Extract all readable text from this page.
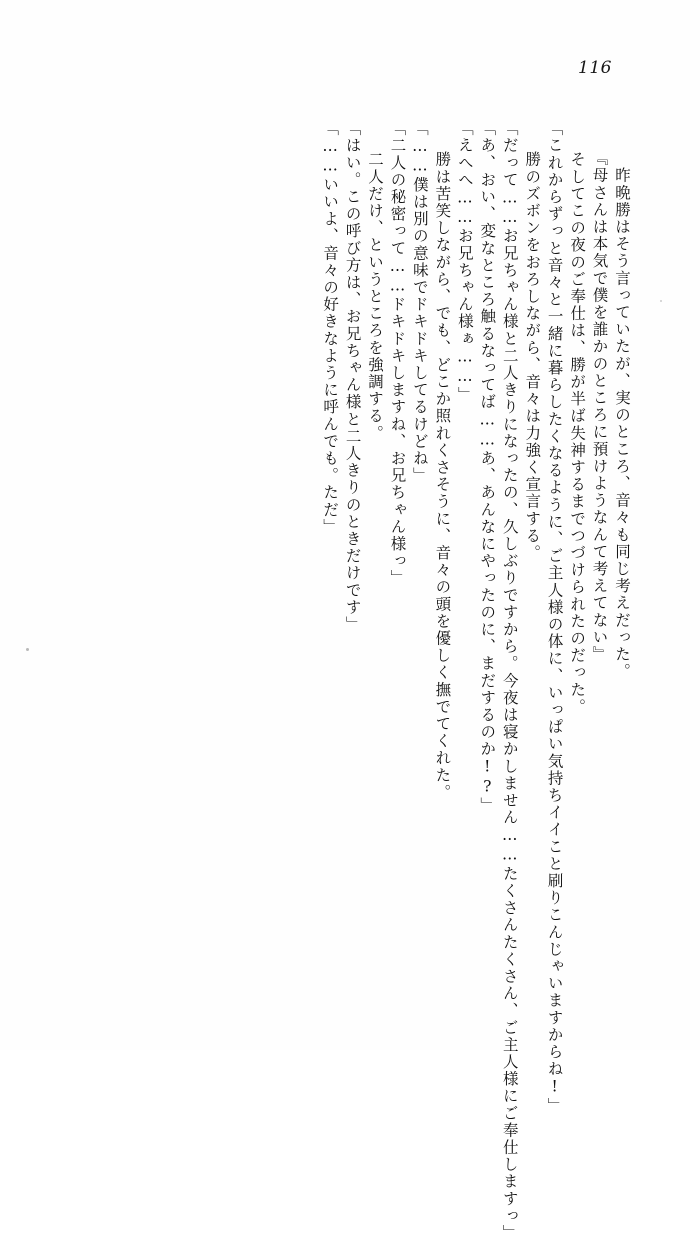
116
「……いいよ、音々の好きなように呼んでも。ただ」 「はい。この呼び方は、お兄ちゃん様と二人きりのときだけです」 　二人だけ、というところを強調する。 「二人の秘密って……ドキドキしますね、お兄ちゃん様っ」 「……僕は別の意味でドキドキしてるけどね」 　勝は苦笑しながら、でも、どこか照れくさそうに、音々の頭を優しく撫でてくれた。 「えへへ……お兄ちゃん様ぁ……」 「あ、おい、変なところ触るなってば……あ、あんなにやったのに、まだするのか!?」 「だって……お兄ちゃん様と二人きりになったの、久しぶりですから。今夜は寝かしません……たくさんたくさん、ご主人様にご奉仕しますっ」 　勝のズボンをおろしながら、音々は力強く宣言する。 「これからずっと音々と一緒に暮らしたくなるように、ご主人様の体に、いっぱい気持ちイイこと刷りこんじゃいますからね!」 　そしてこの夜のご奉仕は、勝が半ば失神するまでつづけられたのだった。 『母さんは本気で僕を誰かのところに預けようなんて考えてない』 　昨晩勝はそう言っていたが、実のところ、音々も同じ考えだった。
